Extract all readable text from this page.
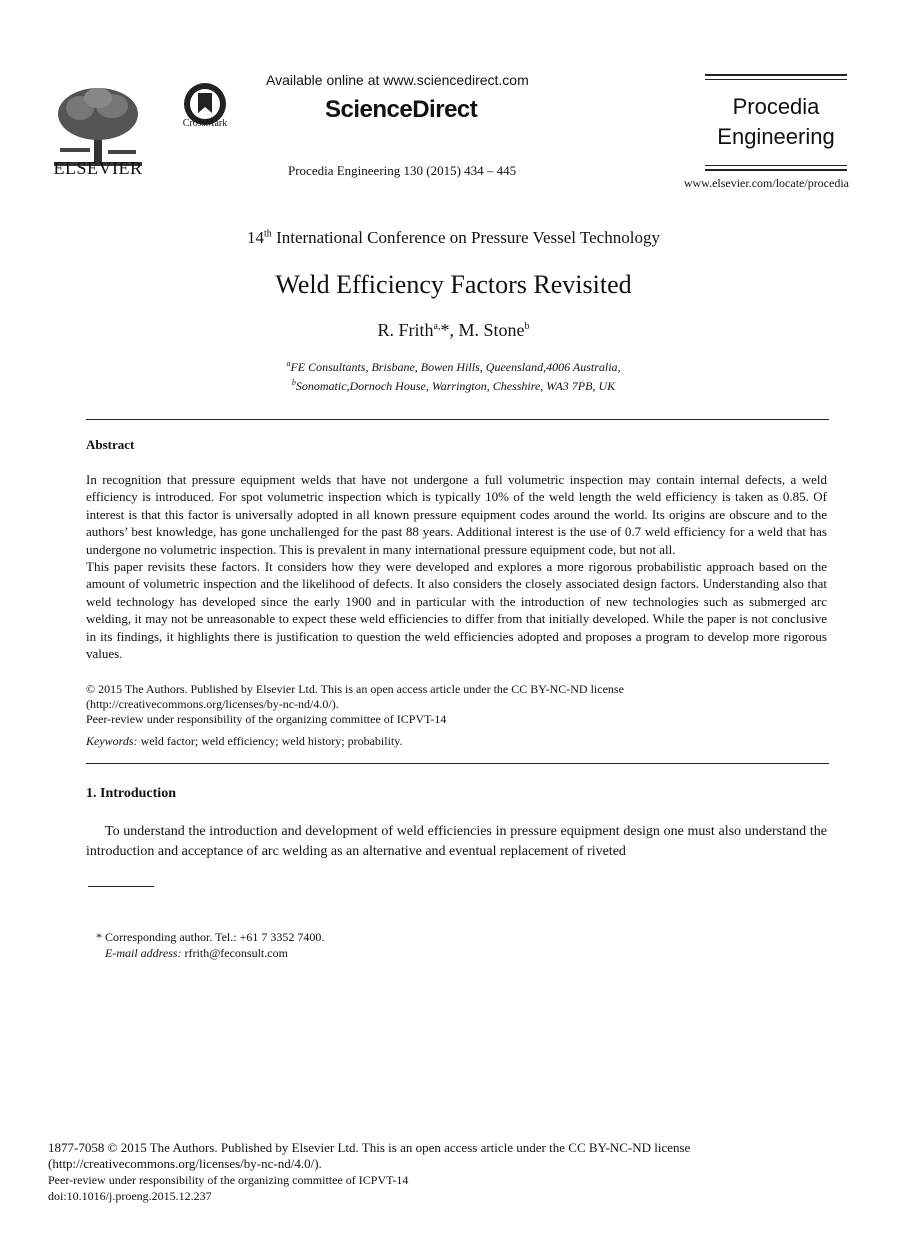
ELSEVIER
CrossMark
Available online at www.sciencedirect.com
ScienceDirect
Procedia Engineering 130 (2015) 434 – 445
Procedia
Engineering
www.elsevier.com/locate/procedia
14th International Conference on Pressure Vessel Technology
Weld Efficiency Factors Revisited
R. Frith$^{a,}$*, M. Stone$^b$
$^a$FE Consultants, Brisbane, Bowen Hills, Queensland,4006 Australia,
$^b$Sonomatic,Dornoch House, Warrington, Chesshire, WA3 7PB, UK
Abstract

In recognition that pressure equipment welds that have not undergone a full volumetric inspection may contain internal defects, a weld efficiency is introduced. For spot volumetric inspection which is typically 10% of the weld length the weld efficiency is taken as 0.85. Of interest is that this factor is universally adopted in all known pressure equipment codes around the world. Its origins are obscure and to the authors’ best knowledge, has gone unchallenged for the past 88 years. Additional interest is the use of 0.7 weld efficiency for a weld that has undergone no volumetric inspection. This is prevalent in many international pressure equipment code, but not all.

This paper revisits these factors. It considers how they were developed and explores a more rigorous probabilistic approach based on the amount of volumetric inspection and the likelihood of defects. It also considers the closely associated design factors. Understanding also that weld technology has developed since the early 1900 and in particular with the introduction of new technologies such as submerged arc welding, it may not be unreasonable to expect these weld efficiencies to differ from that initially developed. While the paper is not conclusive in its findings, it highlights there is justification to question the weld efficiencies adopted and proposes a program to develop more rigorous values.

© 2015 The Authors. Published by Elsevier Ltd. This is an open access article under the CC BY-NC-ND license

(http://creativecommons.org/licenses/by-nc-nd/4.0/).

Peer-review under responsibility of the organizing committee of ICPVT-14

Keywords: weld factor; weld efficiency; weld history; probability.
1. Introduction
To understand the introduction and development of weld efficiencies in pressure equipment design one must also understand the introduction and acceptance of arc welding as an alternative and eventual replacement of riveted

* Corresponding author. Tel.: +61 7 3352 7400.

E-mail address: rfrith@feconsult.com

1877-7058 © 2015 The Authors. Published by Elsevier Ltd. This is an open access article under the CC BY-NC-ND license

(http://creativecommons.org/licenses/by-nc-nd/4.0/).

Peer-review under responsibility of the organizing committee of ICPVT-14

doi:10.1016/j.proeng.2015.12.237
